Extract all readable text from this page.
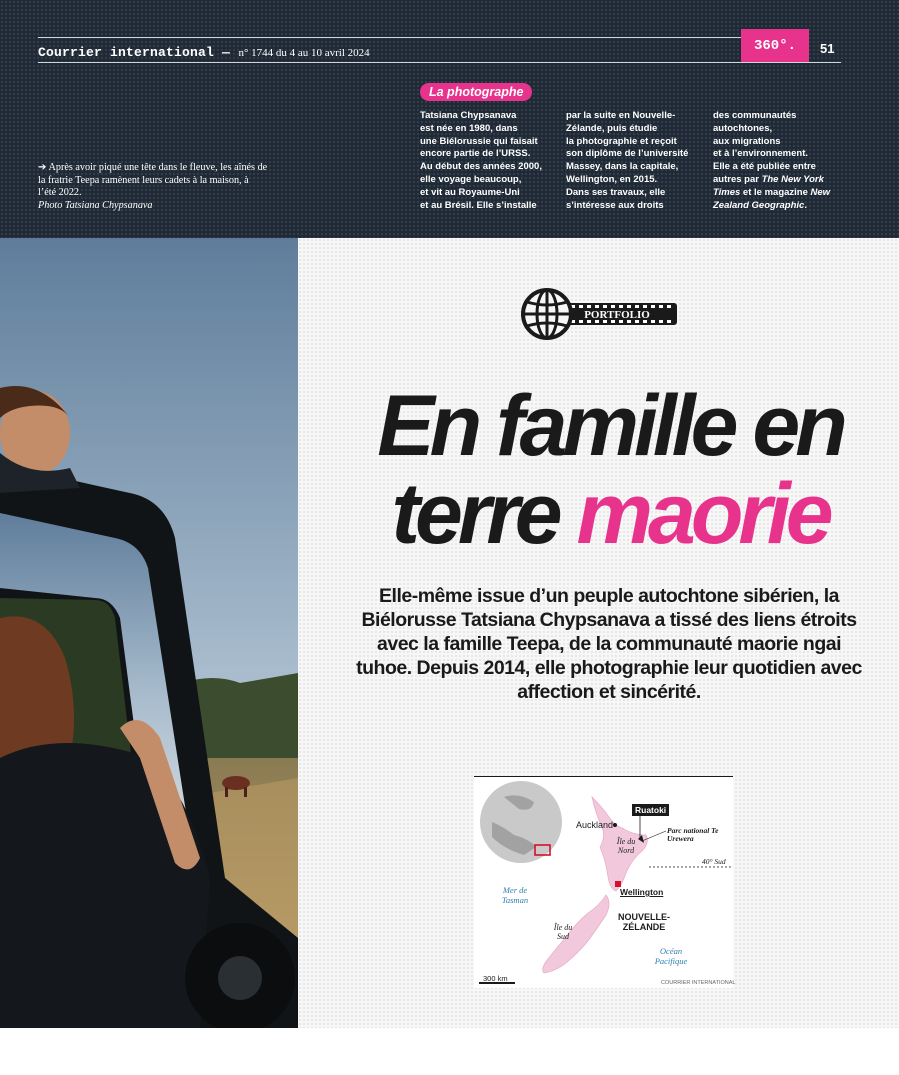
Courrier international — n° 1744 du 4 au 10 avril 2024	360°.	51
➔ Après avoir piqué une tête dans le fleuve, les aînés de la fratrie Teepa ramènent leurs cadets à la maison, à l’été 2022.
Photo Tatsiana Chypsanava
La photographe
Tatsiana Chypsanava
est née en 1980, dans
une Biélorussie qui faisait
encore partie de l’URSS.
Au début des années 2000,
elle voyage beaucoup,
et vit au Royaume-Uni
et au Brésil. Elle s’installe
par la suite en Nouvelle-
Zélande, puis étudie
la photographie et reçoit
son diplôme de l’université
Massey, dans la capitale,
Wellington, en 2015.
Dans ses travaux, elle
s’intéresse aux droits
des communautés
autochtones,
aux migrations
et à l’environnement.
Elle a été publiée entre
autres par The New York Times et le magazine New Zealand Geographic.
PORTFOLIO
En famille en
terre maorie
Elle-même issue d’un peuple autochtone sibérien, la Biélorusse Tatsiana Chypsanava a tissé des liens étroits avec la famille Teepa, de la communauté maorie ngai tuhoe. Depuis 2014, elle photographie leur quotidien avec affection et sincérité.
Ruatoki
Auckland
Parc national Te Urewera
Île du Nord
40° Sud
Wellington
Mer de Tasman
NOUVELLE-ZÉLANDE
Île du Sud
Océan Pacifique
300 km	COURRIER INTERNATIONAL
